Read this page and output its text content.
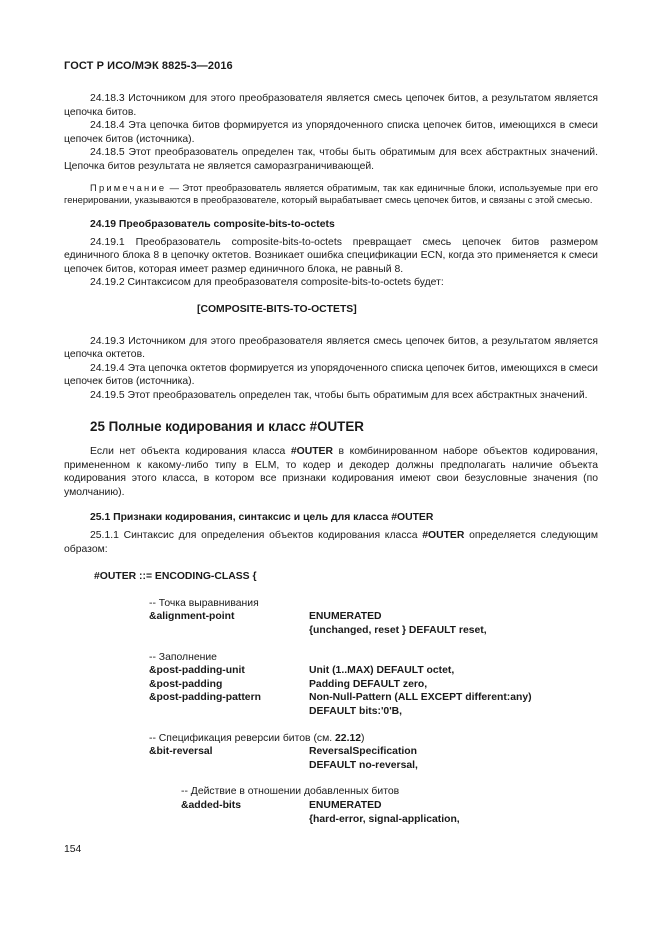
ГОСТ Р ИСО/МЭК 8825-3—2016

24.18.3 Источником для этого преобразователя является смесь цепочек битов, а результатом является цепочка битов.

24.18.4 Эта цепочка битов формируется из упорядоченного списка цепочек битов, имеющихся в смеси цепочек битов (источника).

24.18.5 Этот преобразователь определен так, чтобы быть обратимым для всех абстрактных значений. Цепочка битов результата не является саморазграничивающей.

Примечание — Этот преобразователь является обратимым, так как единичные блоки, используемые при его генерировании, указываются в преобразователе, который вырабатывает смесь цепочек битов, и связаны с этой смесью.

24.19 Преобразователь composite-bits-to-octets

24.19.1 Преобразователь composite-bits-to-octets превращает смесь цепочек битов размером единичного блока 8 в цепочку октетов. Возникает ошибка спецификации ECN, когда это применяется к смеси цепочек битов, которая имеет размер единичного блока, не равный 8.

24.19.2 Синтаксисом для преобразователя composite-bits-to-octets будет:

[COMPOSITE-BITS-TO-OCTETS]

24.19.3 Источником для этого преобразователя является смесь цепочек битов, а результатом является цепочка октетов.

24.19.4 Эта цепочка октетов формируется из упорядоченного списка цепочек битов, имеющихся в смеси цепочек битов (источника).

24.19.5 Этот преобразователь определен так, чтобы быть обратимым для всех абстрактных значений.

25 Полные кодирования и класс #OUTER

Если нет объекта кодирования класса #OUTER в комбинированном наборе объектов кодирования, примененном к какому-либо типу в ELM, то кодер и декодер должны предполагать наличие объекта кодирования этого класса, в котором все признаки кодирования имеют свои безусловные значения (по умолчанию).

25.1 Признаки кодирования, синтаксис и цель для класса #OUTER

25.1.1 Синтаксис для определения объектов кодирования класса #OUTER определяется следующим образом:

#OUTER ::= ENCODING-CLASS {
-- Точка выравнивания
&alignment-point	ENUMERATED
{unchanged, reset } DEFAULT reset,
-- Заполнение
&post-padding-unit	Unit (1..MAX) DEFAULT octet,
&post-padding	Padding DEFAULT zero,
&post-padding-pattern	Non-Null-Pattern (ALL EXCEPT different:any)
DEFAULT bits:'0'B,
-- Спецификация реверсии битов (см. 22.12)
&bit-reversal	ReversalSpecification
DEFAULT no-reversal,
-- Действие в отношении добавленных битов
&added-bits	ENUMERATED
{hard-error, signal-application,
154
